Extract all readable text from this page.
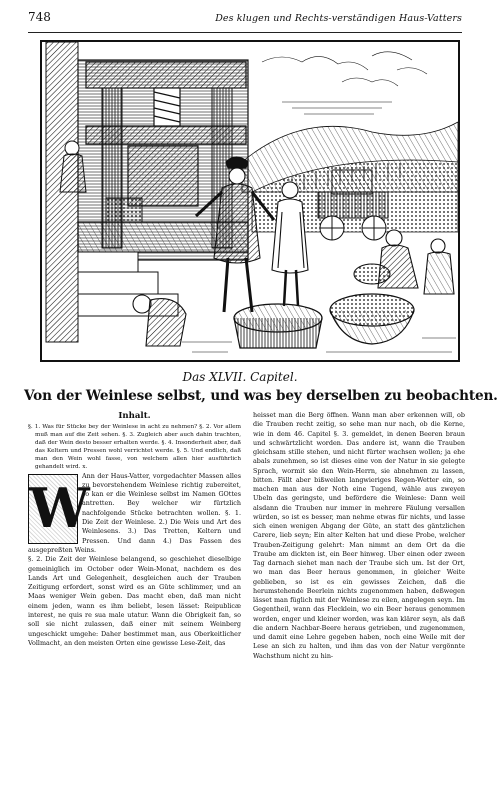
748	Des klugen und Rechts-verständigen Haus-Vatters
Das XLVII. Capitel.
Von der Weinlese selbst, und was bey derselben zu beobachten.
Inhalt.

§. 1. Was für Stücke bey der Weinlese in acht zu nehmen? §. 2. Vor allem muß man auf die Zeit sehen. §. 3. Zugleich aber auch dahin trachten, daß der Wein desto besser erhalten werde. §. 4. Insonderheit aber, daß das Keltern und Pressen wohl verrichtet werde. §. 5. Und endlich, daß man den Wein wohl fasse, von welchem allen hier ausführlich gehandelt wird. x.

W

Ann der Haus-Vatter, vorgedachter Massen alles zu bevorstehendem Weinlese richtig zubereitet, so kan er die Weinlese selbst im Namen GOttes antretten. Bey welcher wir fürtzlich nachfolgende Stücke betrachten wollen. §. 1. Die Zeit der Weinlese. 2.) Die Weis und Art des Weinlesens. 3.) Das Tretten, Keltern und Pressen. Und dann 4.) Das Fassen des ausgepreßten Weins.

§. 2. Die Zeit der Weinlese belangend, so geschiehet dieselbige gemeiniglich im October oder Wein-Monat, nachdem es des Lands Art und Gelegenheit, desgleichen auch der Trauben Zeitigung erfordert, sonst wird es an Güte schlimmer, und an Maas weniger Wein geben. Das macht eben, daß man nicht einem jeden, wann es ihm beliebt, lesen lässet: Reipublicæ interest, ne quis re sua male utatur. Wann die Obrigkeit fan, so soll sie nicht zulassen, daß einer mit seinem Weinberg ungeschickt umgehe: Daher bestimmet man, aus Oberkeitlicher Vollmacht, an den meisten Orten eine gewisse Lese-Zeit, das

heisset man die Berg öffnen. Wann man aber erkennen will, ob die Trauben recht zeitig, so sehe man nur nach, ob die Kerne, wie in dem 46. Capitel §. 3. gemeldet, in denen Beeren braun und schwärtzlicht worden. Das andere ist, wann die Trauben gleichsam stille stehen, und nicht fürter wachsen wollen; ja ehe abals zunehmen, so ist dieses eine von der Natur in sie gelegte Sprach, wormit sie den Wein-Herrn, sie abnehmen zu lassen, bitten. Fällt aber bißweilen langwieriges Regen-Wetter ein, so machen man aus der Noth eine Tugend, wähle aus zweyen Ubeln das geringste, und befördere die Weinlese: Dann weil alsdann die Trauben nur immer in mehrere Fäulung versallen würden, so ist es besser, man nehme etwas für nichts, und lasse sich einen wenigen Abgang der Güte, an statt des gäntzlichen Carere, lieb seyn; Ein alter Kelten hat und diese Probe, welcher Trauben-Zeitigung gelehrt: Man nimmt an dem Ort da die Traube am dickten ist, ein Beer hinweg. Uber einen oder zween Tag darnach siehet man nach der Traube sich um. Ist der Ort, wo man das Beer heraus genommen, in gleicher Weite geblieben, so ist es ein gewisses Zeichen, daß die herumstehende Beerlein nichts zugenommen haben, deßwegen lässet man füglich mit der Weinlese zu eilen, angelegen seyn. Im Gegentheil, wann das Flecklein, wo ein Beer heraus genommen worden, enger und kleiner worden, was kan klärer seyn, als daß die andern Nachbar-Beere heraus getrieben, und zugenommen, und damit eine Lehre gegeben haben, noch eine Weile mit der Lese an sich zu halten, und ihm das von der Natur vergönnte Wachsthum nicht zu hin-
